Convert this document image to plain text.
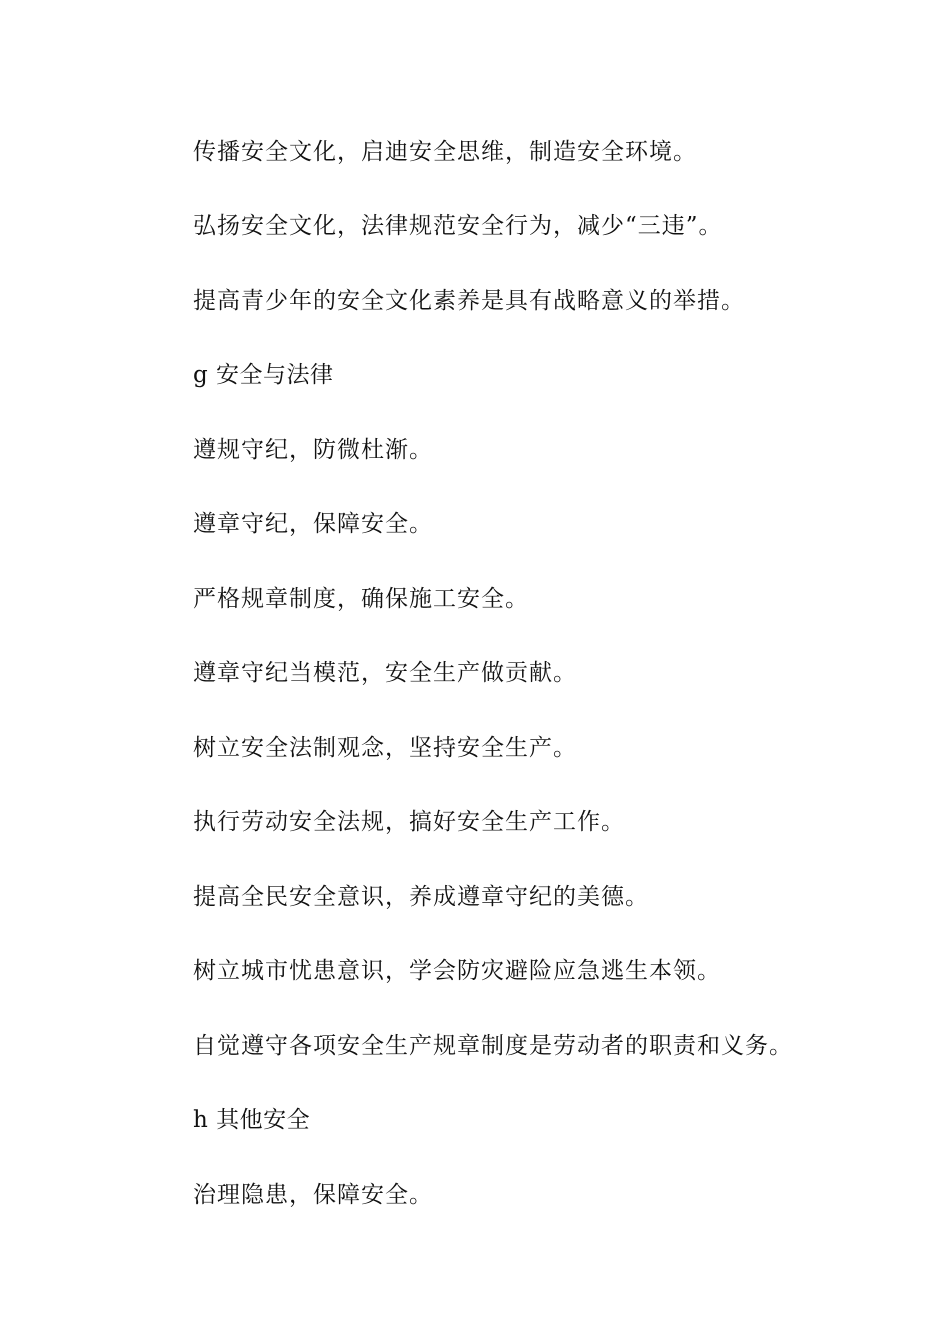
传播安全文化，启迪安全思维，制造安全环境。
弘扬安全文化，法律规范安全行为，减少“三违”。
提高青少年的安全文化素养是具有战略意义的举措。
g 安全与法律
遵规守纪，防微杜渐。
遵章守纪，保障安全。
严格规章制度，确保施工安全。
遵章守纪当模范，安全生产做贡献。
树立安全法制观念，坚持安全生产。
执行劳动安全法规，搞好安全生产工作。
提高全民安全意识，养成遵章守纪的美德。
树立城市忧患意识，学会防灾避险应急逃生本领。
自觉遵守各项安全生产规章制度是劳动者的职责和义务。
h 其他安全
治理隐患，保障安全。
